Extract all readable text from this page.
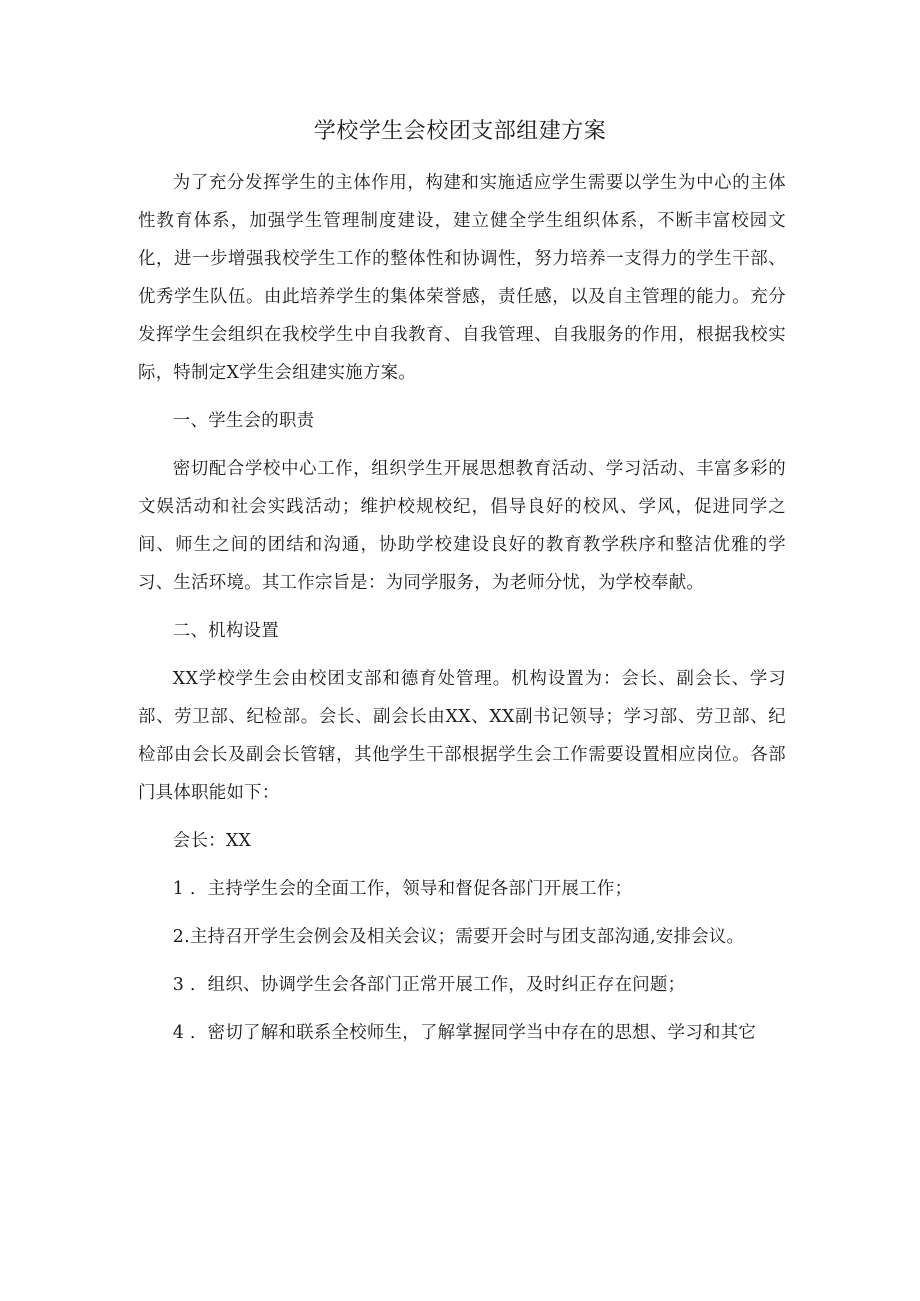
学校学生会校团支部组建方案

为了充分发挥学生的主体作用，构建和实施适应学生需要以学生为中心的主体性教育体系，加强学生管理制度建设，建立健全学生组织体系，不断丰富校园文化，进一步增强我校学生工作的整体性和协调性，努力培养一支得力的学生干部、优秀学生队伍。由此培养学生的集体荣誉感，责任感，以及自主管理的能力。充分发挥学生会组织在我校学生中自我教育、自我管理、自我服务的作用，根据我校实际，特制定X学生会组建实施方案。

一、学生会的职责

密切配合学校中心工作，组织学生开展思想教育活动、学习活动、丰富多彩的文娱活动和社会实践活动；维护校规校纪，倡导良好的校风、学风，促进同学之间、师生之间的团结和沟通，协助学校建设良好的教育教学秩序和整洁优雅的学习、生活环境。其工作宗旨是：为同学服务，为老师分忧，为学校奉献。

二、机构设置

XX学校学生会由校团支部和德育处管理。机构设置为：会长、副会长、学习部、劳卫部、纪检部。会长、副会长由XX、XX副书记领导；学习部、劳卫部、纪检部由会长及副会长管辖，其他学生干部根据学生会工作需要设置相应岗位。各部门具体职能如下：

会长：XX

1 ．主持学生会的全面工作，领导和督促各部门开展工作；

2.主持召开学生会例会及相关会议；需要开会时与团支部沟通,安排会议。

3 ．组织、协调学生会各部门正常开展工作，及时纠正存在问题；

4 ．密切了解和联系全校师生，了解掌握同学当中存在的思想、学习和其它
